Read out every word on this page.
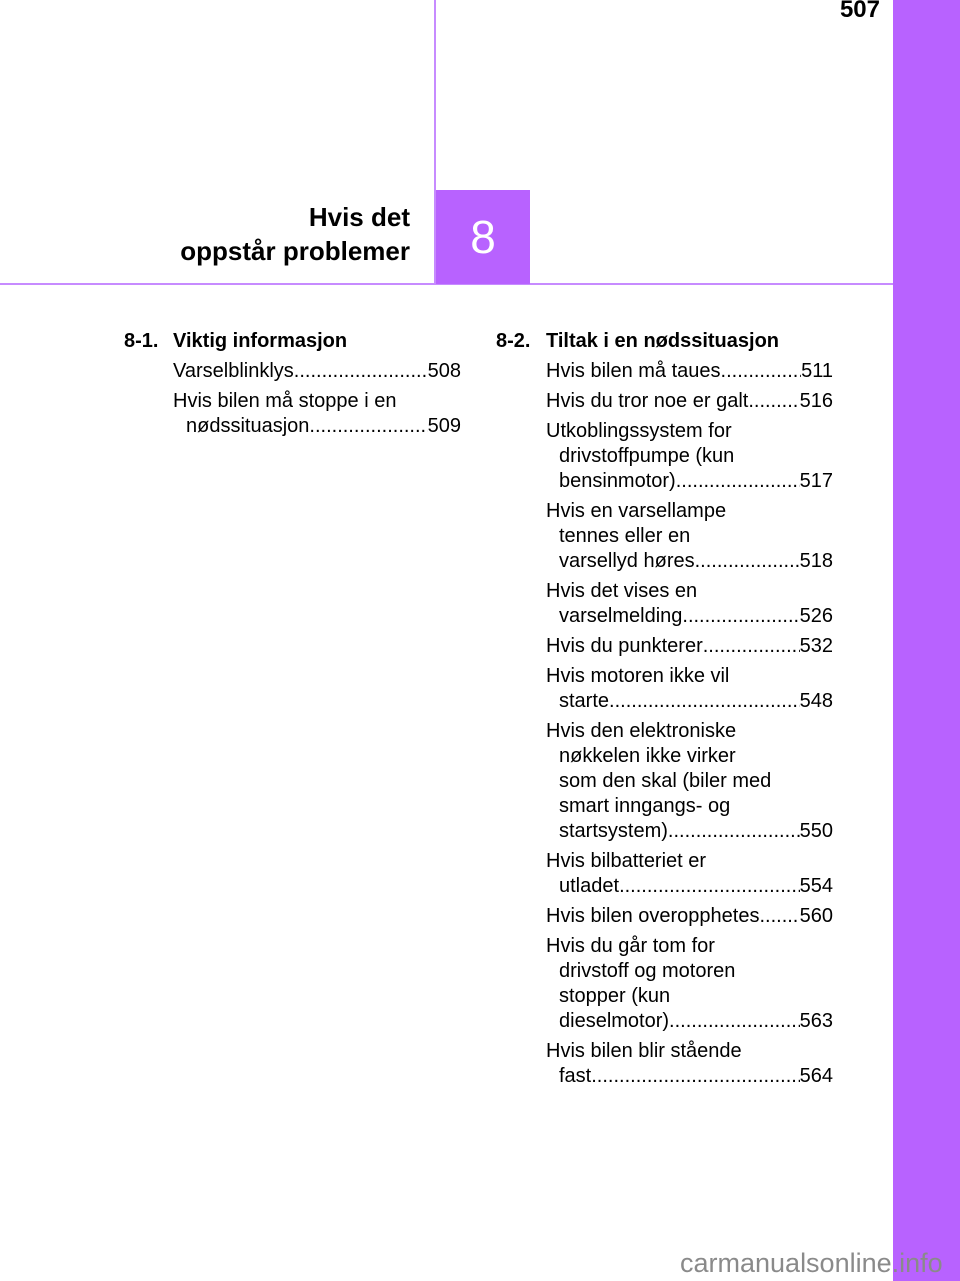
507
8
Hvis det
oppstår problemer
8-1. Viktig informasjon
Varselblinklys .....	508
Hvis bilen må stoppe i en
nødssituasjon .....	509
8-2. Tiltak i en nødssituasjon
Hvis bilen må taues .....	511
Hvis du tror noe er galt .....	516
Utkoblingssystem for
drivstoffpumpe (kun
bensinmotor) .....	517
Hvis en varsellampe
tennes eller en
varsellyd høres .....	518
Hvis det vises en
varselmelding .....	526
Hvis du punkterer .....	532
Hvis motoren ikke vil
starte .....	548
Hvis den elektroniske
nøkkelen ikke virker
som den skal (biler med
smart inngangs- og
startsystem) .....	550
Hvis bilbatteriet er
utladet .....	554
Hvis bilen overopphetes ..... 560
Hvis du går tom for
drivstoff og motoren
stopper (kun
dieselmotor) .....	563
Hvis bilen blir stående
fast .....	564
carmanualsonline.info
